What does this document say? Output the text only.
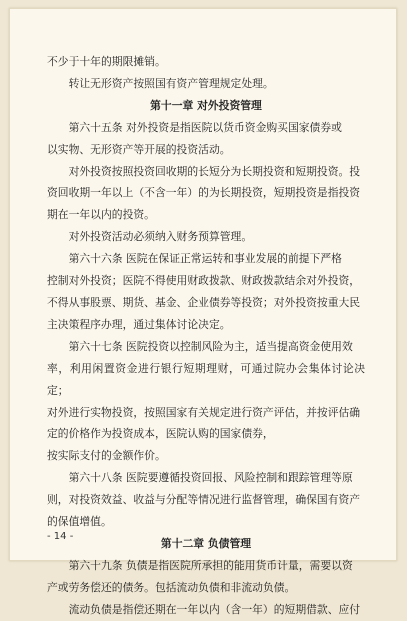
不少于十年的期限摊销。
转让无形资产按照国有资产管理规定处理。
第十一章 对外投资管理
第六十五条 对外投资是指医院以货币资金购买国家债券或
以实物、无形资产等开展的投资活动。
对外投资按照投资回收期的长短分为长期投资和短期投资。投
资回收期一年以上（不含一年）的为长期投资，短期投资是指投资
期在一年以内的投资。
对外投资活动必须纳入财务预算管理。
第六十六条 医院在保证正常运转和事业发展的前提下严格
控制对外投资；医院不得使用财政拨款、财政拨款结余对外投资，
不得从事股票、期货、基金、企业债券等投资；对外投资按重大民
主决策程序办理，通过集体讨论决定。
第六十七条 医院投资以控制风险为主，适当提高资金使用效
率，利用闲置资金进行银行短期理财，可通过院办会集体讨论决定；
对外进行实物投资，按照国家有关规定进行资产评估，并按评估确
定的价格作为投资成本，医院认购的国家债券，
按实际支付的金额作价。
第六十八条 医院要遵循投资回报、风险控制和跟踪管理等原
则，对投资效益、收益与分配等情况进行监督管理，确保国有资产
的保值增值。
第十二章 负债管理
第六十九条 负债是指医院所承担的能用货币计量，需要以资
产或劳务偿还的债务。包括流动负债和非流动负债。
流动负债是指偿还期在一年以内（含一年）的短期借款、应付
- 14 -
